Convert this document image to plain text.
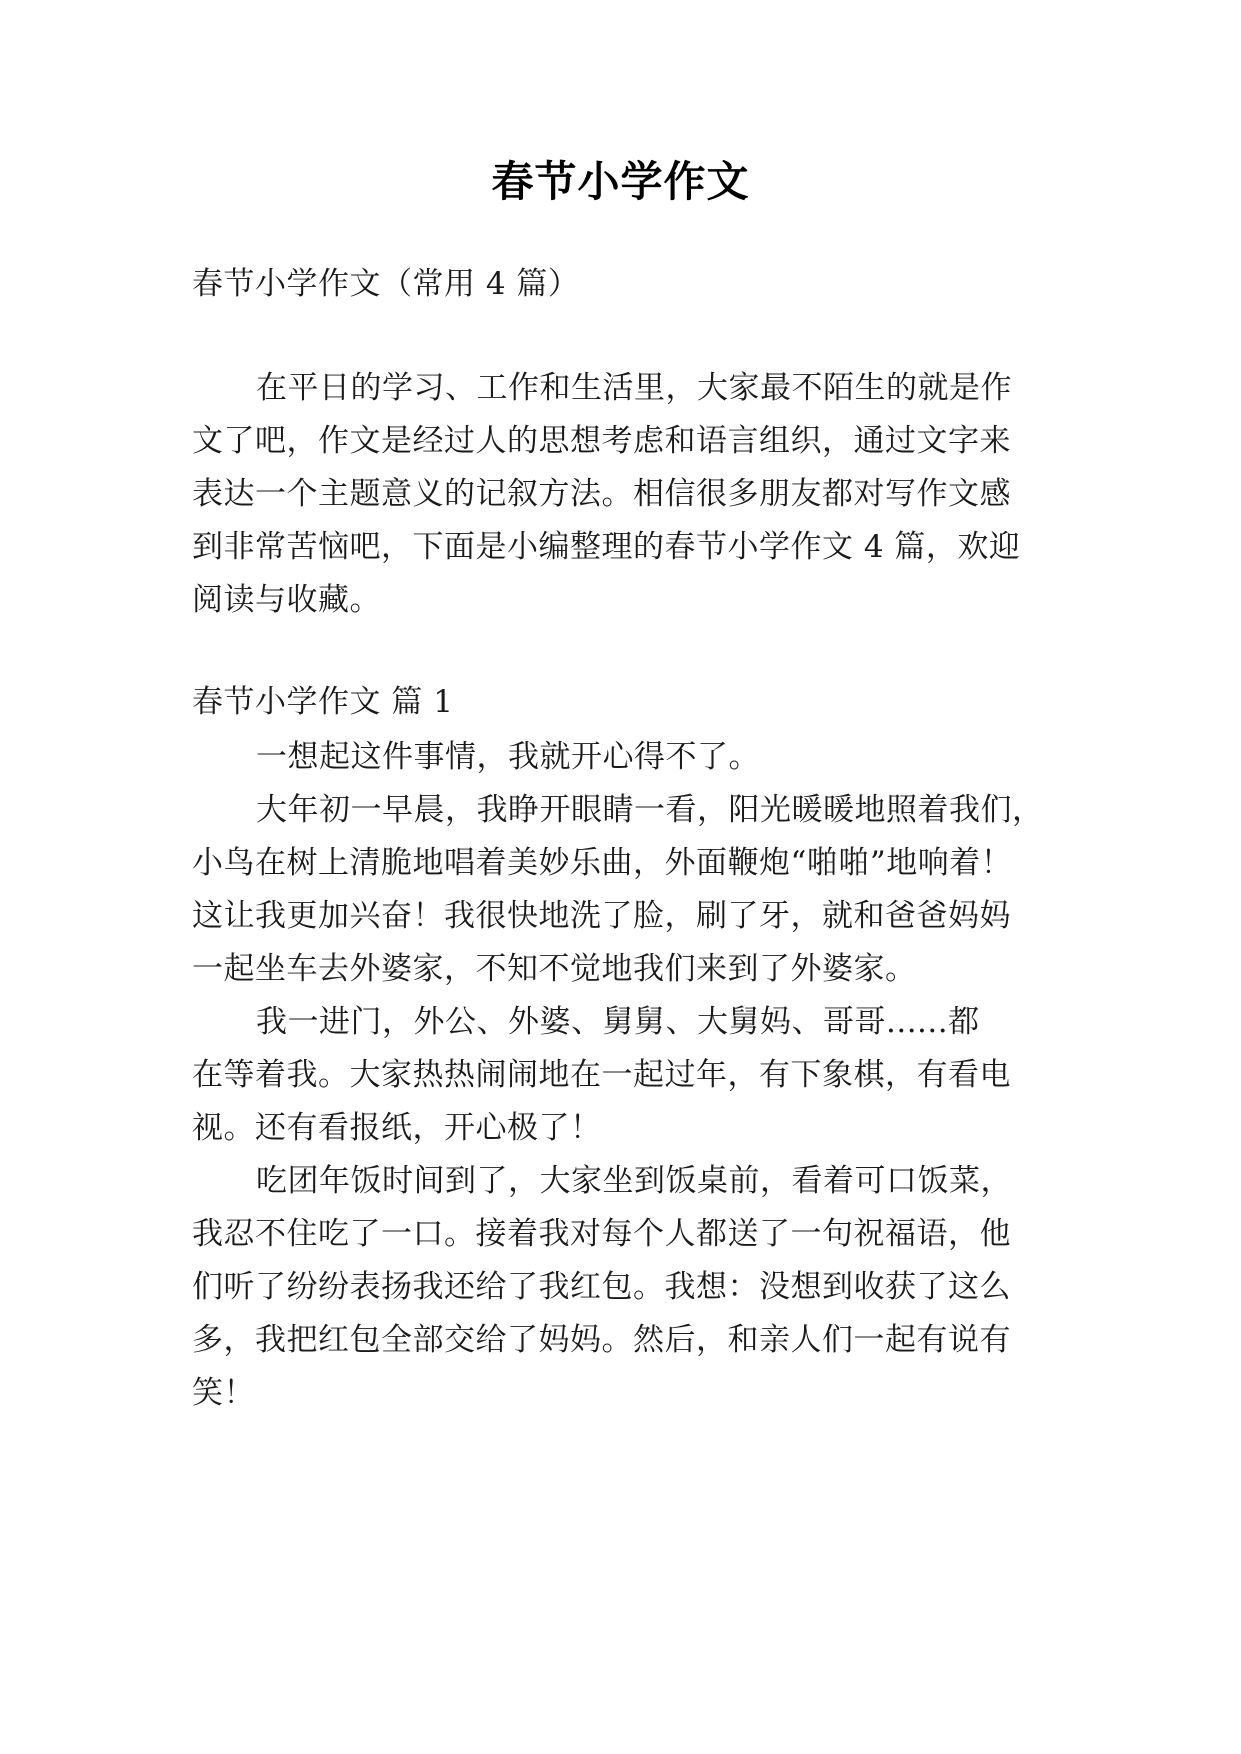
春节小学作文
春节小学作文（常用 4 篇）
在平日的学习、工作和生活里，大家最不陌生的就是作
文了吧，作文是经过人的思想考虑和语言组织，通过文字来
表达一个主题意义的记叙方法。相信很多朋友都对写作文感
到非常苦恼吧，下面是小编整理的春节小学作文 4 篇，欢迎
阅读与收藏。
春节小学作文 篇 1
一想起这件事情，我就开心得不了。
大年初一早晨，我睁开眼睛一看，阳光暖暖地照着我们，
小鸟在树上清脆地唱着美妙乐曲，外面鞭炮“啪啪”地响着！
这让我更加兴奋！我很快地洗了脸，刷了牙，就和爸爸妈妈
一起坐车去外婆家，不知不觉地我们来到了外婆家。
我一进门，外公、外婆、舅舅、大舅妈、哥哥......都
在等着我。大家热热闹闹地在一起过年，有下象棋，有看电
视。还有看报纸，开心极了！
吃团年饭时间到了，大家坐到饭桌前，看着可口饭菜，
我忍不住吃了一口。接着我对每个人都送了一句祝福语，他
们听了纷纷表扬我还给了我红包。我想：没想到收获了这么
多，我把红包全部交给了妈妈。然后，和亲人们一起有说有
笑！
